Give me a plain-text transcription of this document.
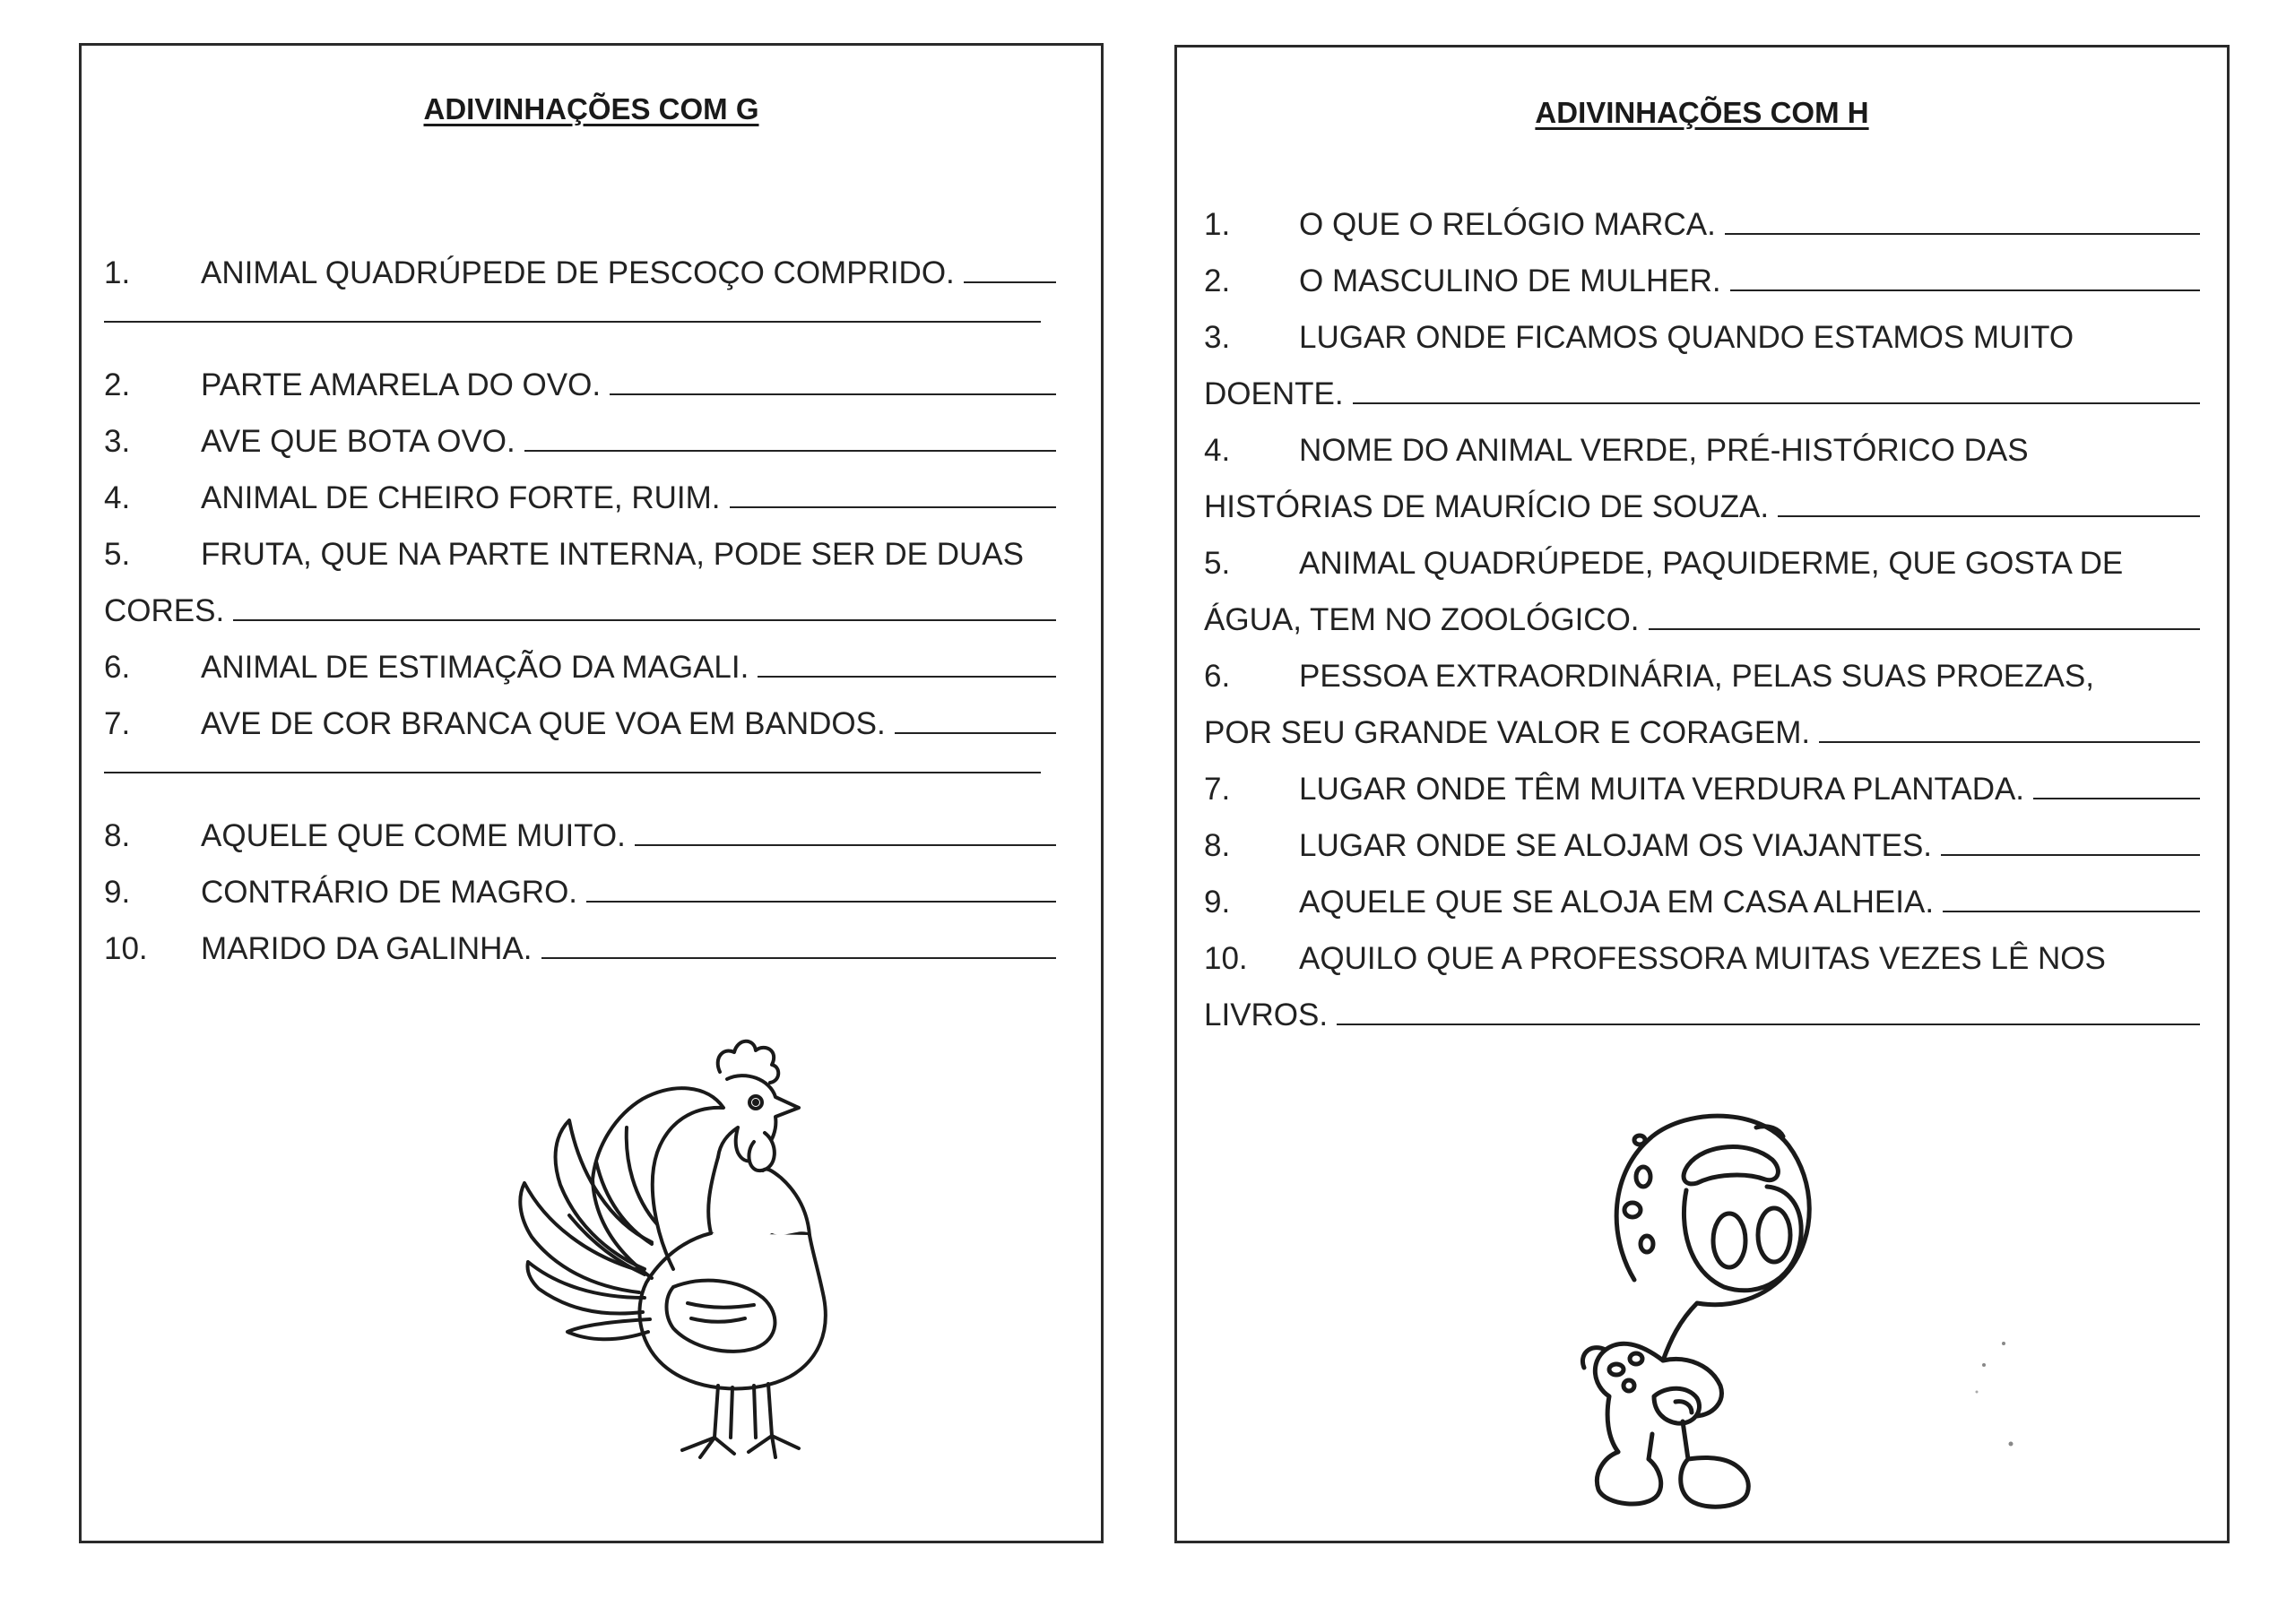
ADIVINHAÇÕES COM G
1.	ANIMAL QUADRÚPEDE DE PESCOÇO COMPRIDO.
2.	PARTE AMARELA DO OVO.
3.	AVE QUE BOTA OVO.
4.	ANIMAL DE CHEIRO FORTE, RUIM.
5.	FRUTA, QUE NA PARTE INTERNA, PODE SER DE DUAS
CORES.
6.	ANIMAL DE ESTIMAÇÃO DA MAGALI.
7.	AVE DE COR BRANCA QUE VOA EM BANDOS.
8.	AQUELE QUE COME MUITO.
9.	CONTRÁRIO DE MAGRO.
10.	MARIDO DA GALINHA.
ADIVINHAÇÕES COM H
1.	O QUE O RELÓGIO MARCA.
2.	O MASCULINO DE MULHER.
3.	LUGAR ONDE FICAMOS QUANDO ESTAMOS MUITO
DOENTE.
4.	NOME DO ANIMAL VERDE, PRÉ-HISTÓRICO DAS
HISTÓRIAS DE MAURÍCIO DE SOUZA.
5.	ANIMAL QUADRÚPEDE, PAQUIDERME, QUE GOSTA DE
ÁGUA, TEM NO ZOOLÓGICO.
6.	PESSOA EXTRAORDINÁRIA, PELAS SUAS PROEZAS,
POR SEU GRANDE VALOR E CORAGEM.
7.	LUGAR ONDE TÊM MUITA VERDURA PLANTADA.
8.	LUGAR ONDE SE ALOJAM OS VIAJANTES.
9.	AQUELE QUE SE ALOJA EM CASA ALHEIA.
10.	AQUILO QUE A PROFESSORA MUITAS VEZES LÊ NOS
LIVROS.
